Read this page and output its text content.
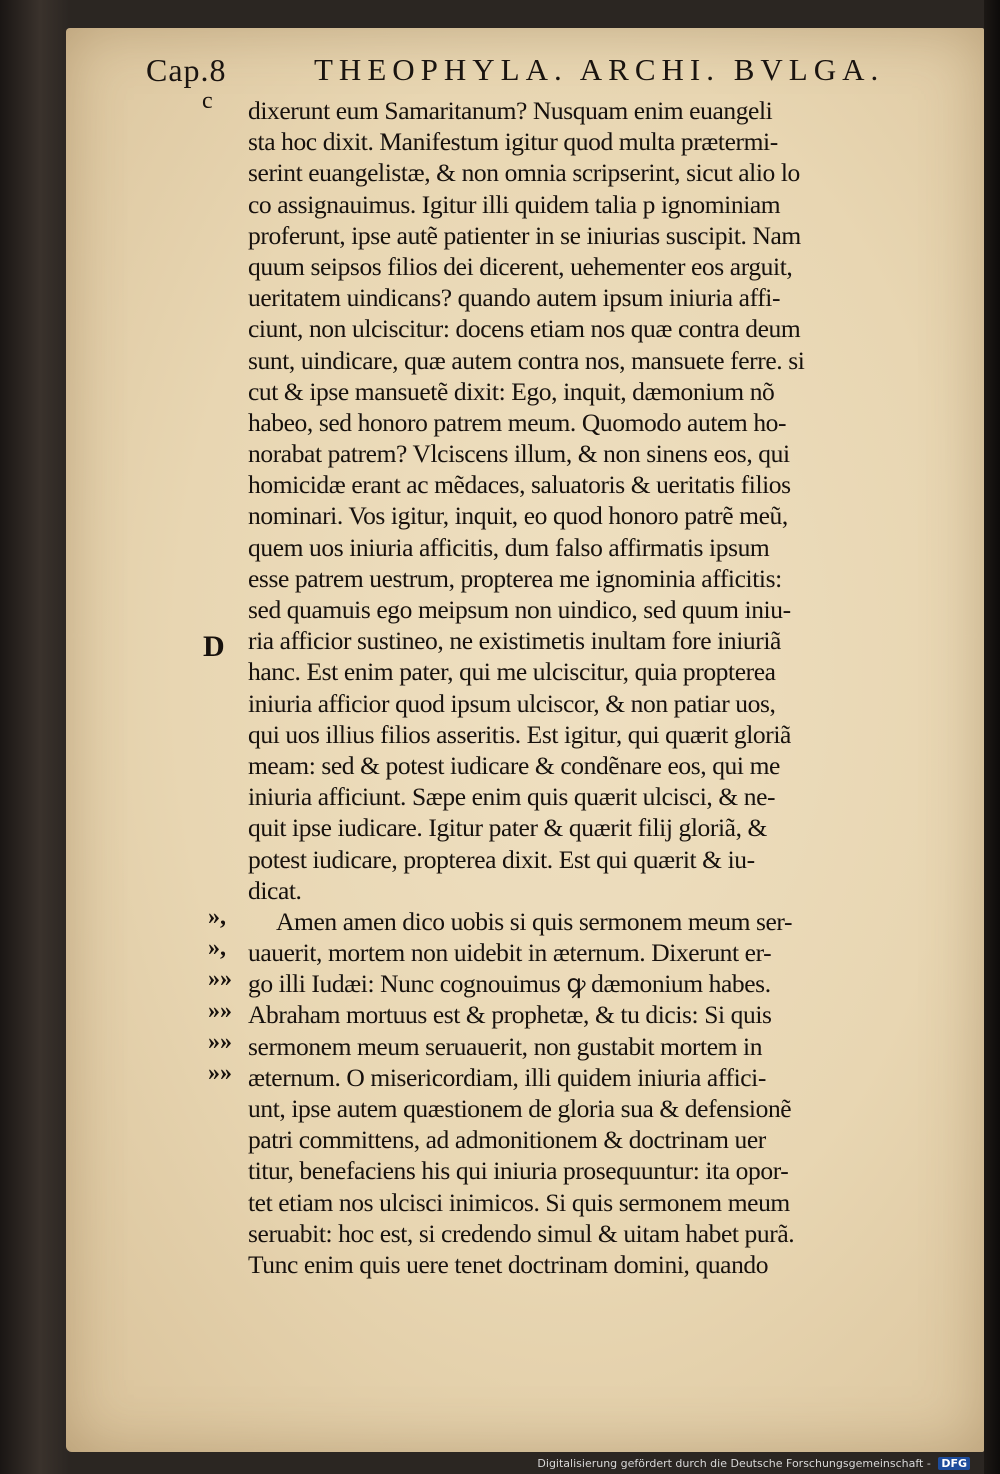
Cap.8	THEOPHYLA. ARCHI. BVLGA.
c
D
»,
»,
»»
»»
»»
»»
dixerunt eum Samaritanum? Nusquam enim euangeli
sta hoc dixit. Manifestum igitur quod multa prætermi-
serint euangelistæ, & non omnia scripserint, sicut alio lo
co assignauimus. Igitur illi quidem talia p ignominiam
proferunt, ipse autẽ patienter in se iniurias suscipit. Nam
quum seipsos filios dei dicerent, uehementer eos arguit,
ueritatem uindicans? quando autem ipsum iniuria affi-
ciunt, non ulciscitur: docens etiam nos quæ contra deum
sunt, uindicare, quæ autem contra nos, mansuete ferre. si
cut & ipse mansuetẽ dixit: Ego, inquit, dæmonium nõ
habeo, sed honoro patrem meum. Quomodo autem ho-
norabat patrem? Vlciscens illum, & non sinens eos, qui
homicidæ erant ac mẽdaces, saluatoris & ueritatis filios
nominari. Vos igitur, inquit, eo quod honoro patrẽ meũ,
quem uos iniuria afficitis, dum falso affirmatis ipsum
esse patrem uestrum, propterea me ignominia afficitis:
sed quamuis ego meipsum non uindico, sed quum iniu-
ria afficior sustineo, ne existimetis inultam fore iniuriã
hanc. Est enim pater, qui me ulciscitur, quia propterea
iniuria afficior quod ipsum ulciscor, & non patiar uos,
qui uos illius filios asseritis. Est igitur, qui quærit gloriã
meam: sed & potest iudicare & condẽnare eos, qui me
iniuria afficiunt. Sæpe enim quis quærit ulcisci, & ne-
quit ipse iudicare. Igitur pater & quærit filij gloriã, &
potest iudicare, propterea dixit. Est qui quærit & iu-
dicat.
Amen amen dico uobis si quis sermonem meum ser-
uauerit, mortem non uidebit in æternum. Dixerunt er-
go illi Iudæi: Nunc cognouimus ꝙ dæmonium habes.
Abraham mortuus est & prophetæ, & tu dicis: Si quis
sermonem meum seruauerit, non gustabit mortem in
æternum. O misericordiam, illi quidem iniuria affici-
unt, ipse autem quæstionem de gloria sua & defensionẽ
patri committens, ad admonitionem & doctrinam uer
titur, benefaciens his qui iniuria prosequuntur: ita opor-
tet etiam nos ulcisci inimicos. Si quis sermonem meum
seruabit: hoc est, si credendo simul & uitam habet purã.
Tunc enim quis uere tenet doctrinam domini, quando
Digitalisierung gefördert durch die Deutsche Forschungsgemeinschaft - DFG
